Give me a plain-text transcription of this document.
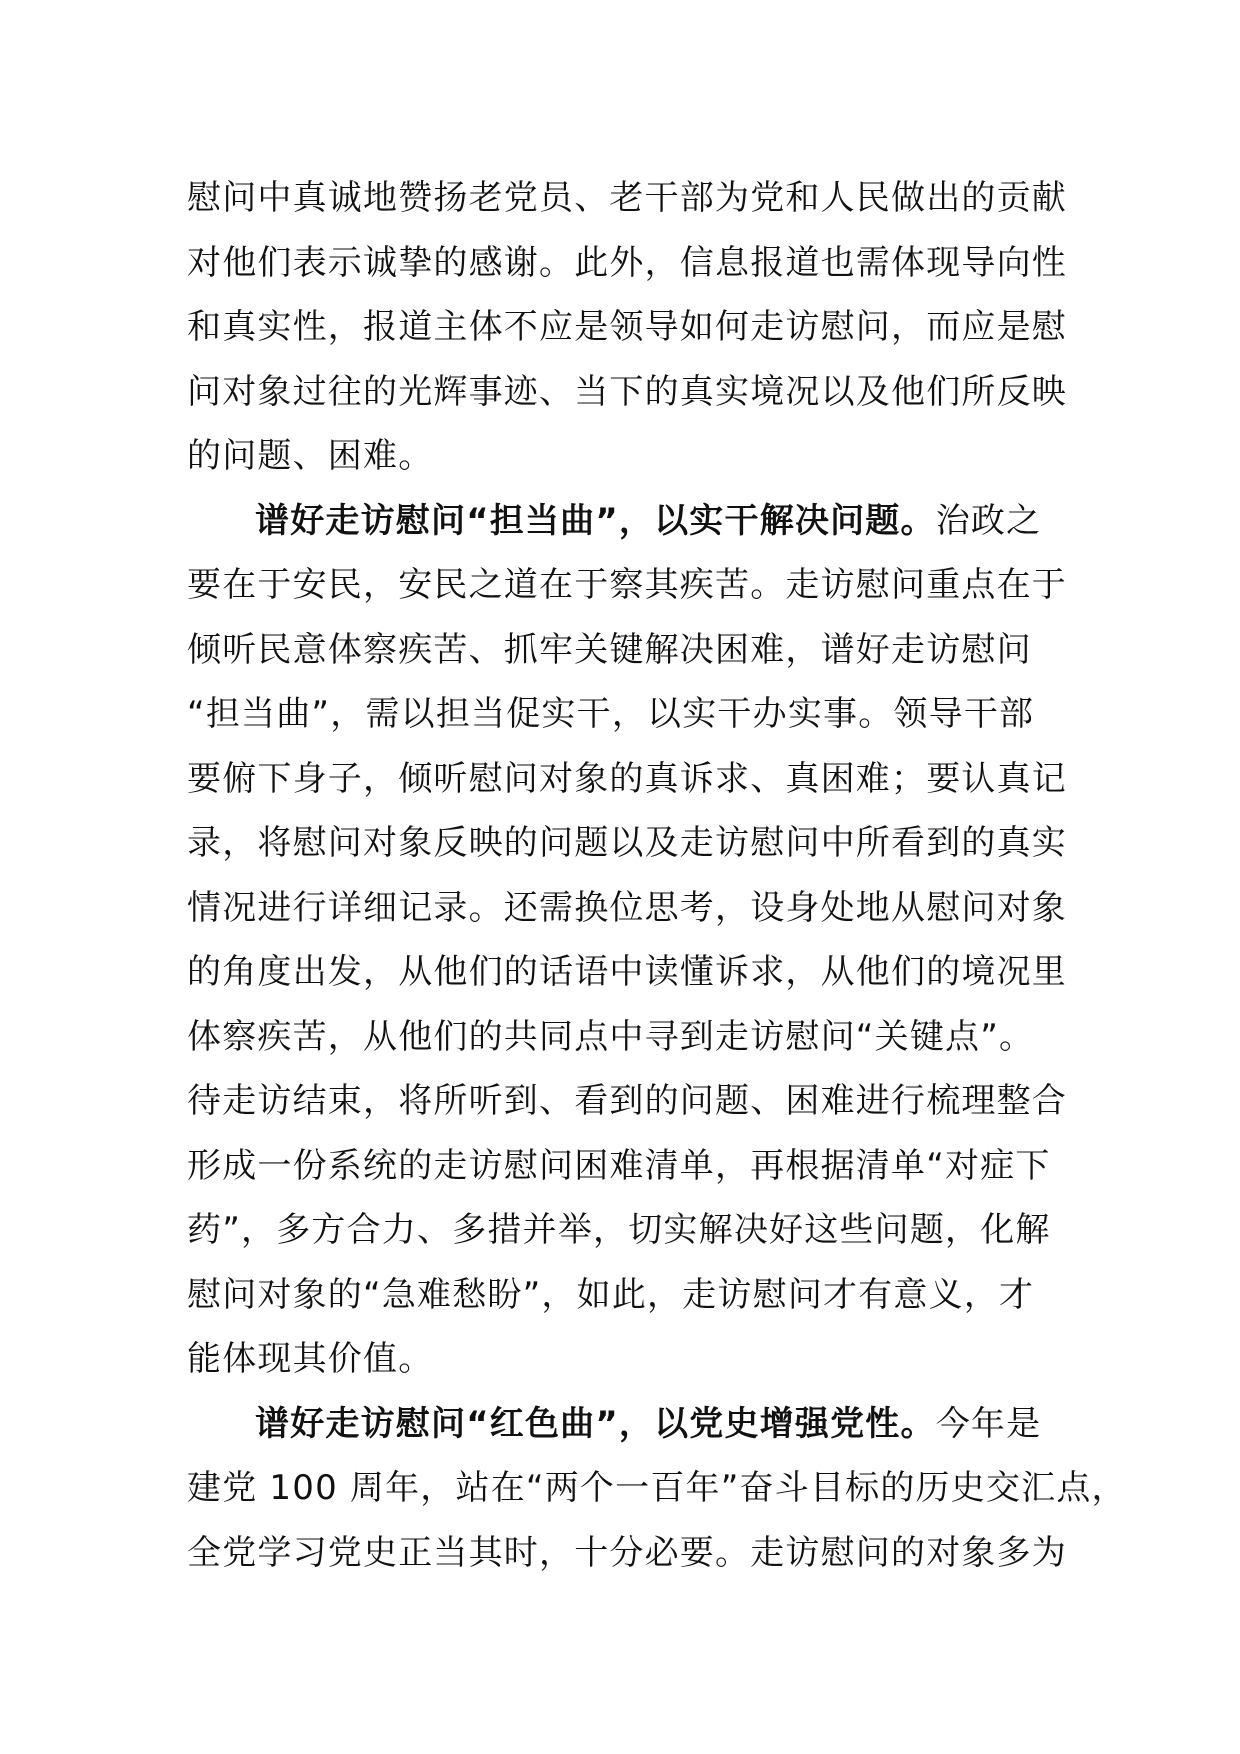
慰问中真诚地赞扬老党员、老干部为党和人民做出的贡献
对他们表示诚挚的感谢。此外，信息报道也需体现导向性
和真实性，报道主体不应是领导如何走访慰问，而应是慰
问对象过往的光辉事迹、当下的真实境况以及他们所反映
的问题、困难。
谱好走访慰问“担当曲”，以实干解决问题。治政之
要在于安民，安民之道在于察其疾苦。走访慰问重点在于
倾听民意体察疾苦、抓牢关键解决困难，谱好走访慰问
“担当曲”，需以担当促实干，以实干办实事。领导干部
要俯下身子，倾听慰问对象的真诉求、真困难；要认真记
录，将慰问对象反映的问题以及走访慰问中所看到的真实
情况进行详细记录。还需换位思考，设身处地从慰问对象
的角度出发，从他们的话语中读懂诉求，从他们的境况里
体察疾苦，从他们的共同点中寻到走访慰问“关键点”。
待走访结束，将所听到、看到的问题、困难进行梳理整合
形成一份系统的走访慰问困难清单，再根据清单“对症下
药”，多方合力、多措并举，切实解决好这些问题，化解
慰问对象的“急难愁盼”，如此，走访慰问才有意义，才
能体现其价值。
谱好走访慰问“红色曲”，以党史增强党性。今年是
建党 100 周年，站在“两个一百年”奋斗目标的历史交汇点，
全党学习党史正当其时，十分必要。走访慰问的对象多为
